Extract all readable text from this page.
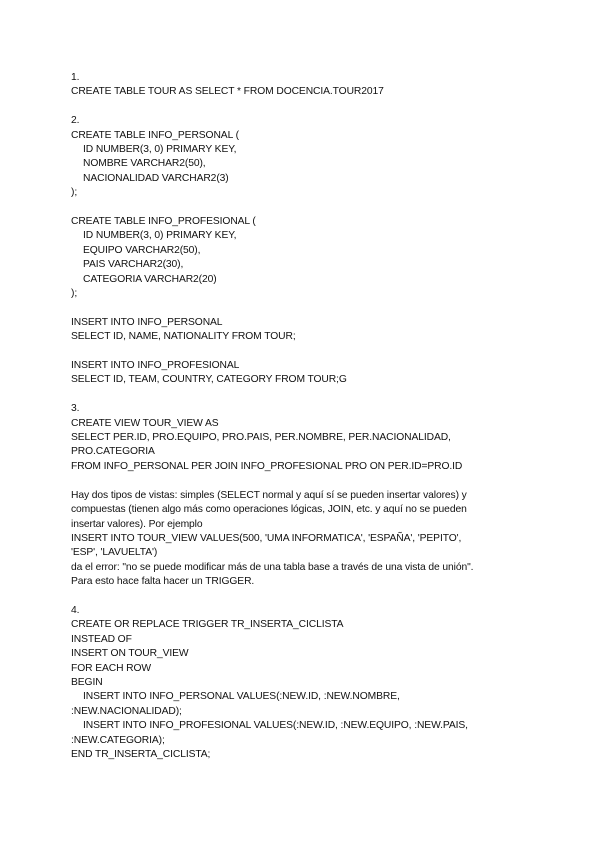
1.
CREATE TABLE TOUR AS SELECT * FROM DOCENCIA.TOUR2017
2.
CREATE TABLE INFO_PERSONAL (
ID NUMBER(3, 0) PRIMARY KEY,
NOMBRE VARCHAR2(50),
NACIONALIDAD VARCHAR2(3)
);
CREATE TABLE INFO_PROFESIONAL (
ID NUMBER(3, 0) PRIMARY KEY,
EQUIPO VARCHAR2(50),
PAIS VARCHAR2(30),
CATEGORIA VARCHAR2(20)
);
INSERT INTO INFO_PERSONAL
SELECT ID, NAME, NATIONALITY FROM TOUR;
INSERT INTO INFO_PROFESIONAL
SELECT ID, TEAM, COUNTRY, CATEGORY FROM TOUR;G
3.
CREATE VIEW TOUR_VIEW AS
SELECT PER.ID, PRO.EQUIPO, PRO.PAIS, PER.NOMBRE, PER.NACIONALIDAD,
PRO.CATEGORIA
FROM INFO_PERSONAL PER JOIN INFO_PROFESIONAL PRO ON PER.ID=PRO.ID
Hay dos tipos de vistas: simples (SELECT normal y aquí sí se pueden insertar valores) y
compuestas (tienen algo más como operaciones lógicas, JOIN, etc. y aquí no se pueden
insertar valores). Por ejemplo
INSERT INTO TOUR_VIEW VALUES(500, 'UMA INFORMATICA', 'ESPAÑA', 'PEPITO',
'ESP', 'LAVUELTA')
da el error: "no se puede modificar más de una tabla base a través de una vista de unión".
Para esto hace falta hacer un TRIGGER.
4.
CREATE OR REPLACE TRIGGER TR_INSERTA_CICLISTA
INSTEAD OF
INSERT ON TOUR_VIEW
FOR EACH ROW
BEGIN
INSERT INTO INFO_PERSONAL VALUES(:NEW.ID, :NEW.NOMBRE,
:NEW.NACIONALIDAD);
INSERT INTO INFO_PROFESIONAL VALUES(:NEW.ID, :NEW.EQUIPO, :NEW.PAIS,
:NEW.CATEGORIA);
END TR_INSERTA_CICLISTA;
